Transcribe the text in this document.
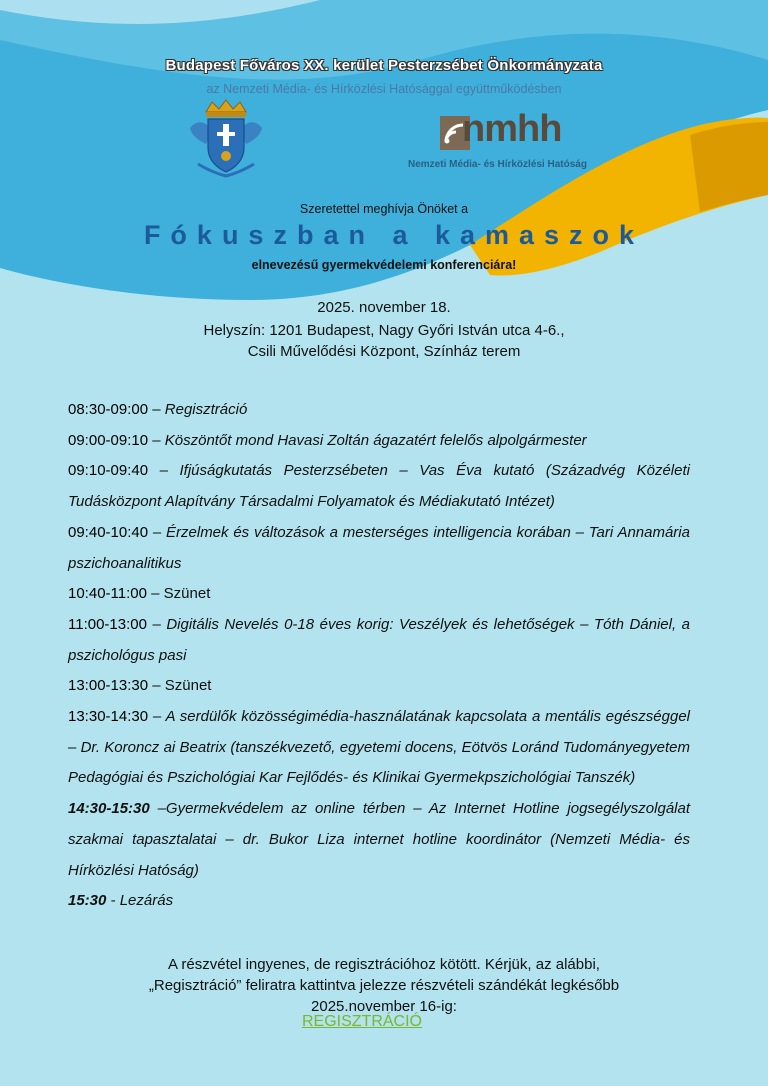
Budapest Főváros XX. kerület Pesterzsébet Önkormányzata
az Nemzeti Média- és Hírközlési Hatósággal együttműködésben
nmhh
Nemzeti Média- és Hírközlési Hatóság
Szeretettel meghívja Önöket a
Fókuszban a kamaszok
elnevezésű gyermekvédelemi konferenciára!
2025. november 18.
Helyszín: 1201 Budapest, Nagy Győri István utca 4-6.,
Csili Művelődési Központ, Színház terem

08:30-09:00 – Regisztráció

09:00-09:10 – Köszöntőt mond Havasi Zoltán ágazatért felelős alpolgármester

09:10-09:40 – Ifjúságkutatás Pesterzsébeten – Vas Éva kutató (Századvég Közéleti Tudásközpont Alapítvány Társadalmi Folyamatok és Médiakutató Intézet)

09:40-10:40 – Érzelmek és változások a mesterséges intelligencia korában – Tari Annamária pszichoanalitikus

10:40-11:00 – Szünet

11:00-13:00 – Digitális Nevelés 0-18 éves korig: Veszélyek és lehetőségek – Tóth Dániel, a pszichológus pasi

13:00-13:30 – Szünet

13:30-14:30 – A serdülők közösségimédia-használatának kapcsolata a mentális egészséggel – Dr. Koroncz ai Beatrix (tanszékvezető, egyetemi docens, Eötvös Loránd Tudományegyetem Pedagógiai és Pszichológiai Kar Fejlődés- és Klinikai Gyermekpszichológiai Tanszék)

14:30-15:30 –Gyermekvédelem az online térben – Az Internet Hotline jogsegélyszolgálat szakmai tapasztalatai – dr. Bukor Liza internet hotline koordinátor (Nemzeti Média- és Hírközlési Hatóság)

15:30 - Lezárás

A részvétel ingyenes, de regisztrációhoz kötött. Kérjük, az alábbi,
„Regisztráció” feliratra kattintva jelezze részvételi szándékát legkésőbb
2025.november 16-ig:
REGISZTRÁCIÓ
